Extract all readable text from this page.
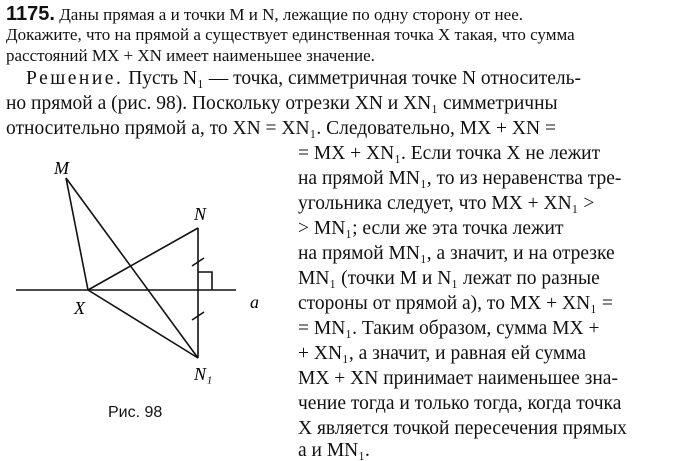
1175. Даны прямая a и точки M и N, лежащие по одну сторону от нее.
Докажите, что на прямой a существует единственная точка X такая, что сумма
расстояний MX + XN имеет наименьшее значение.
Решение. Пусть N₁ — точка, симметричная точке N относитель-
но прямой a (рис. 98). Поскольку отрезки XN и XN₁ симметричны
относительно прямой a, то XN = XN₁. Следовательно, MX + XN =
= MX + XN₁. Если точка X не лежит
на прямой MN₁, то из неравенства тре-
угольника следует, что MX + XN₁ >
> MN₁; если же эта точка лежит
на прямой MN₁, а значит, и на отрезке
MN₁ (точки M и N₁ лежат по разные
стороны от прямой a), то MX + XN₁ =
= MN₁. Таким образом, сумма MX +
+ XN₁, а значит, и равная ей сумма
MX + XN принимает наименьшее зна-
чение тогда и только тогда, когда точка
X является точкой пересечения прямых
a и MN₁.
M
N
X	a
N₁
Рис. 98
